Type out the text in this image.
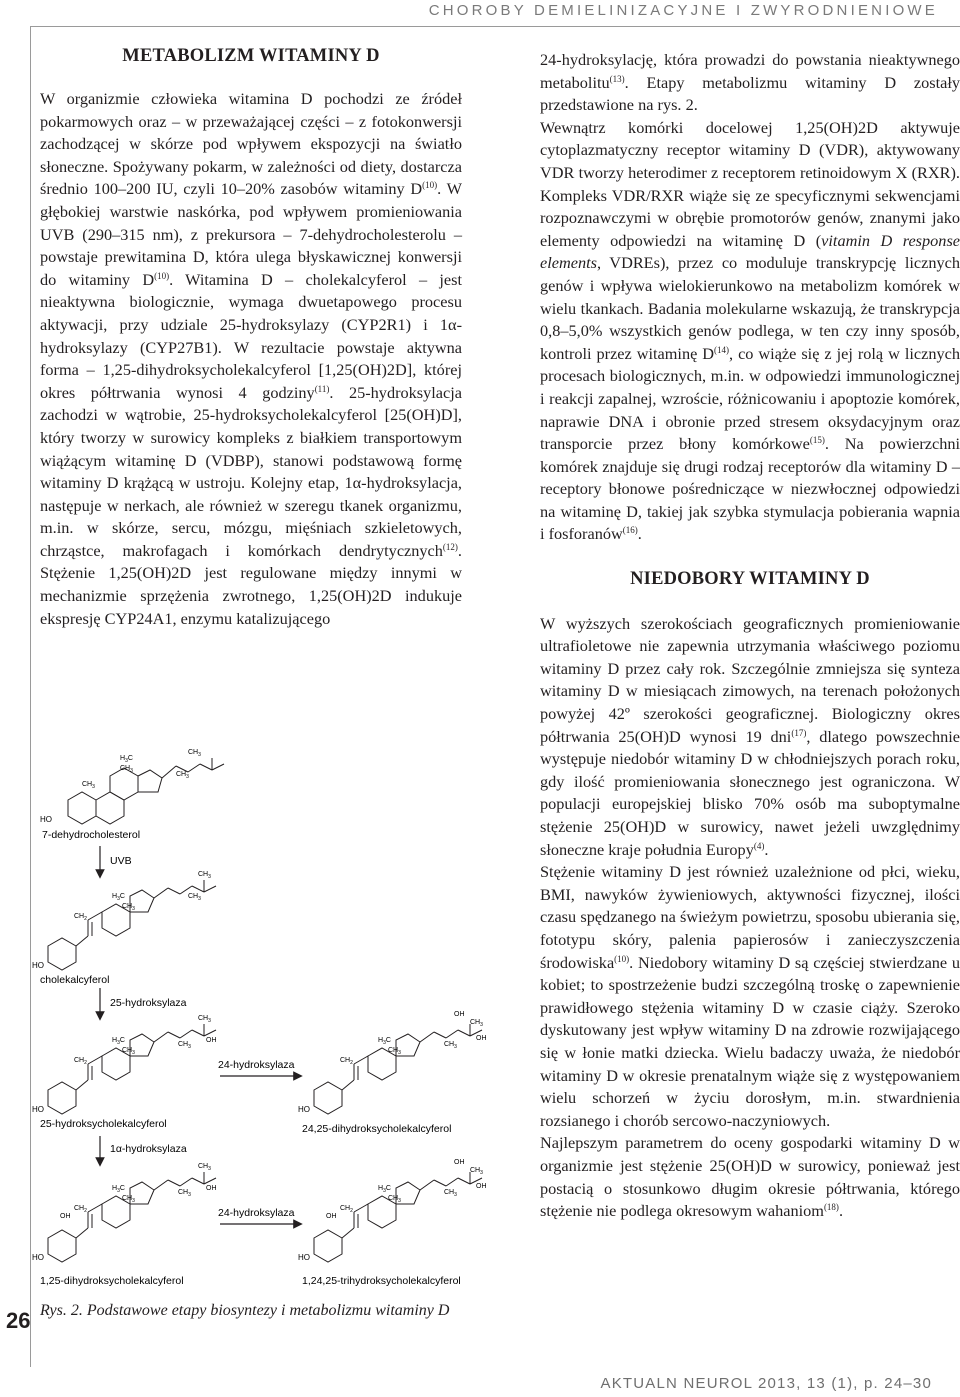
CHOROBY DEMIELINIZACYJNE I ZWYRODNIENIOWE
METABOLIZM WITAMINY D

W organizmie człowieka witamina D pochodzi ze źródeł pokarmowych oraz – w przeważającej części – z fotokonwersji zachodzącej w skórze pod wpływem ekspozycji na światło słoneczne. Spożywany pokarm, w zależności od diety, dostarcza średnio 100–200 IU, czyli 10–20% zasobów witaminy $D^{(10)}$. W głębokiej warstwie naskórka, pod wpływem promieniowania UVB (290–315 nm), z prekursora – 7-dehydrocholesterolu – powstaje prewitamina D, która ulega błyskawicznej konwersji do witaminy $D^{(10)}$. Witamina D – cholekalcyferol – jest nieaktywna biologicznie, wymaga dwuetapowego procesu aktywacji, przy udziale 25-hydroksylazy (CYP2R1) i 1α-hydroksylazy (CYP27B1). W rezultacie powstaje aktywna forma – 1,25-dihydroksycholekalcyferol [1,25(OH)2D], której okres półtrwania wynosi 4 godziny$^{(11)}$. 25-hydroksylacja zachodzi w wątrobie, 25-hydroksycholekalcyferol [25(OH)D], który tworzy w surowicy kompleks z białkiem transportowym wiążącym witaminę D (VDBP), stanowi podstawową formę witaminy D krążącą w ustroju. Kolejny etap, 1α-hydroksylacja, następuje w nerkach, ale również w szeregu tkanek organizmu, m.in. w skórze, sercu, mózgu, mięśniach szkieletowych, chrząstce, makrofagach i komórkach dendrytycznych$^{(12)}$. Stężenie 1,25(OH)2D jest regulowane między innymi w mechanizmie sprzężenia zwrotnego, 1,25(OH)2D indukuje ekspresję CYP24A1, enzymu katalizującego

24-hydroksylację, która prowadzi do powstania nieaktywnego metabolitu$^{(13)}$. Etapy metabolizmu witaminy D zostały przedstawione na rys. 2.

Wewnątrz komórki docelowej 1,25(OH)2D aktywuje cytoplazmatyczny receptor witaminy D (VDR), aktywowany VDR tworzy heterodimer z receptorem retinoidowym X (RXR). Kompleks VDR/RXR wiąże się ze specyficznymi sekwencjami rozpoznawczymi w obrębie promotorów genów, znanymi jako elementy odpowiedzi na witaminę D (vitamin D response elements, VDREs), przez co moduluje transkrypcję licznych genów i wpływa wielokierunkowo na metabolizm komórek w wielu tkankach. Badania molekularne wskazują, że transkrypcja 0,8–5,0% wszystkich genów podlega, w ten czy inny sposób, kontroli przez witaminę $D^{(14)}$, co wiąże się z jej rolą w licznych procesach biologicznych, m.in. w odpowiedzi immunologicznej i reakcji zapalnej, wzroście, różnicowaniu i apoptozie komórek, naprawie DNA i obronie przed stresem oksydacyjnym oraz transporcie przez błony komórkowe$^{(15)}$. Na powierzchni komórek znajduje się drugi rodzaj receptorów dla witaminy D – receptory błonowe pośredniczące w niezwłocznej odpowiedzi na witaminę D, takiej jak szybka stymulacja pobierania wapnia i fosforanów$^{(16)}$.

NIEDOBORY WITAMINY D

W wyższych szerokościach geograficznych promieniowanie ultrafioletowe nie zapewnia utrzymania właściwego poziomu witaminy D przez cały rok. Szczególnie zmniejsza się synteza witaminy D w miesiącach zimowych, na terenach położonych powyżej 42º szerokości geograficznej. Biologiczny okres półtrwania 25(OH)D wynosi 19 dni$^{(17)}$, dlatego powszechnie występuje niedobór witaminy D w chłodniejszych porach roku, gdy ilość promieniowania słonecznego jest ograniczona. W populacji europejskiej blisko 70% osób ma suboptymalne stężenie 25(OH)D w surowicy, nawet jeżeli uwzględnimy słoneczne kraje południa Europy$^{(4)}$.

Stężenie witaminy D jest również uzależnione od płci, wieku, BMI, nawyków żywieniowych, aktywności fizycznej, ilości czasu spędzanego na świeżym powietrzu, sposobu ubierania się, fototypu skóry, palenia papierosów i zanieczyszczenia środowiska$^{(10)}$. Niedobory witaminy D są częściej stwierdzane u kobiet; to spostrzeżenie budzi szczególną troskę o zapewnienie prawidłowego stężenia witaminy D w czasie ciąży. Szeroko dyskutowany jest wpływ witaminy D na zdrowie rozwijającego się w łonie matki dziecka. Wielu badaczy uważa, że niedobór witaminy D w okresie prenatalnym wiąże się z występowaniem wielu schorzeń w życiu dorosłym, m.in. stwardnienia rozsianego i chorób sercowo-naczyniowych.

Najlepszym parametrem do oceny gospodarki witaminy D w organizmie jest stężenie 25(OH)D w surowicy, ponieważ jest postacią o stosunkowo długim okresie półtrwania, którego stężenie nie podlega okresowym wahaniom$^{(18)}$.

HO
$H_3C$
$CH_3$
$CH_3$
$CH_3$
$CH_3$
7-dehydrocholesterol
UVB
HO
$H_3C$
$CH_3$
$CH_3$
$CH_3$
$CH_2$
cholekalcyferol
25-hydroksylaza
HO
$H_3C$
$CH_3$
OH
$CH_3$
$CH_3$
$CH_2$
25-hydroksycholekalcyferol
24-hydroksylaza
HO
$H_3C$
OH
$CH_3$
OH
$CH_3$
$CH_3$
$CH_2$
24,25-dihydroksycholekalcyferol
1α-hydroksylaza
HO
OH
$H_3C$
$CH_3$
OH
$CH_3$
$CH_3$
$CH_2$
1,25-dihydroksycholekalcyferol
24-hydroksylaza
HO
OH
$H_3C$
OH
$CH_3$
OH
$CH_3$
$CH_3$
$CH_2$
1,24,25-trihydroksycholekalcyferol
Rys. 2. Podstawowe etapy biosyntezy i metabolizmu witaminy D
26
AKTUALN NEUROL 2013, 13 (1), p. 24–30
